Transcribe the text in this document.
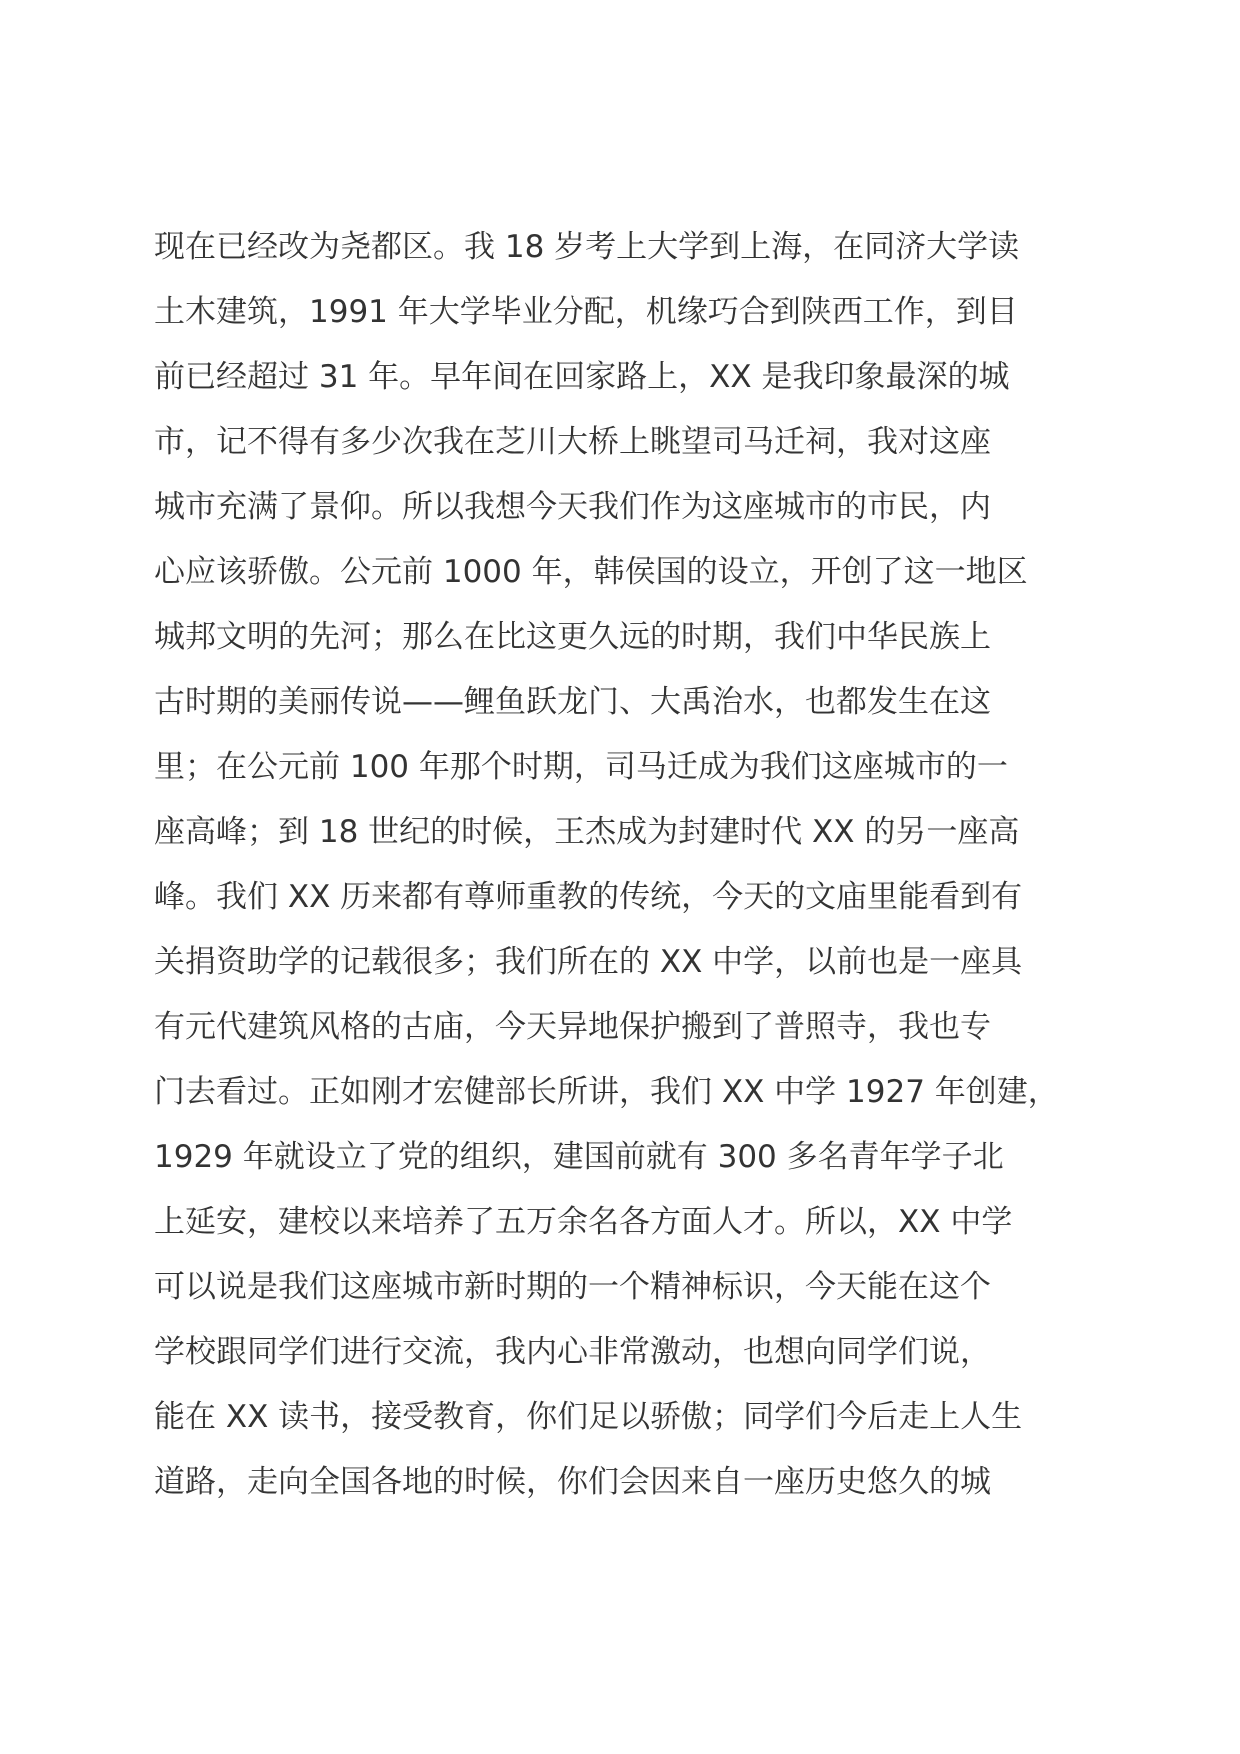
现在已经改为尧都区。我 18 岁考上大学到上海，在同济大学读
土木建筑，1991 年大学毕业分配，机缘巧合到陕西工作，到目
前已经超过 31 年。早年间在回家路上，XX 是我印象最深的城
市，记不得有多少次我在芝川大桥上眺望司马迁祠，我对这座
城市充满了景仰。所以我想今天我们作为这座城市的市民，内
心应该骄傲。公元前 1000 年，韩侯国的设立，开创了这一地区
城邦文明的先河；那么在比这更久远的时期，我们中华民族上
古时期的美丽传说——鲤鱼跃龙门、大禹治水，也都发生在这
里；在公元前 100 年那个时期，司马迁成为我们这座城市的一
座高峰；到 18 世纪的时候，王杰成为封建时代 XX 的另一座高
峰。我们 XX 历来都有尊师重教的传统，今天的文庙里能看到有
关捐资助学的记载很多；我们所在的 XX 中学，以前也是一座具
有元代建筑风格的古庙，今天异地保护搬到了普照寺，我也专
门去看过。正如刚才宏健部长所讲，我们 XX 中学 1927 年创建，
1929 年就设立了党的组织，建国前就有 300 多名青年学子北
上延安，建校以来培养了五万余名各方面人才。所以，XX 中学
可以说是我们这座城市新时期的一个精神标识，今天能在这个
学校跟同学们进行交流，我内心非常激动，也想向同学们说，
能在 XX 读书，接受教育，你们足以骄傲；同学们今后走上人生
道路，走向全国各地的时候，你们会因来自一座历史悠久的城
